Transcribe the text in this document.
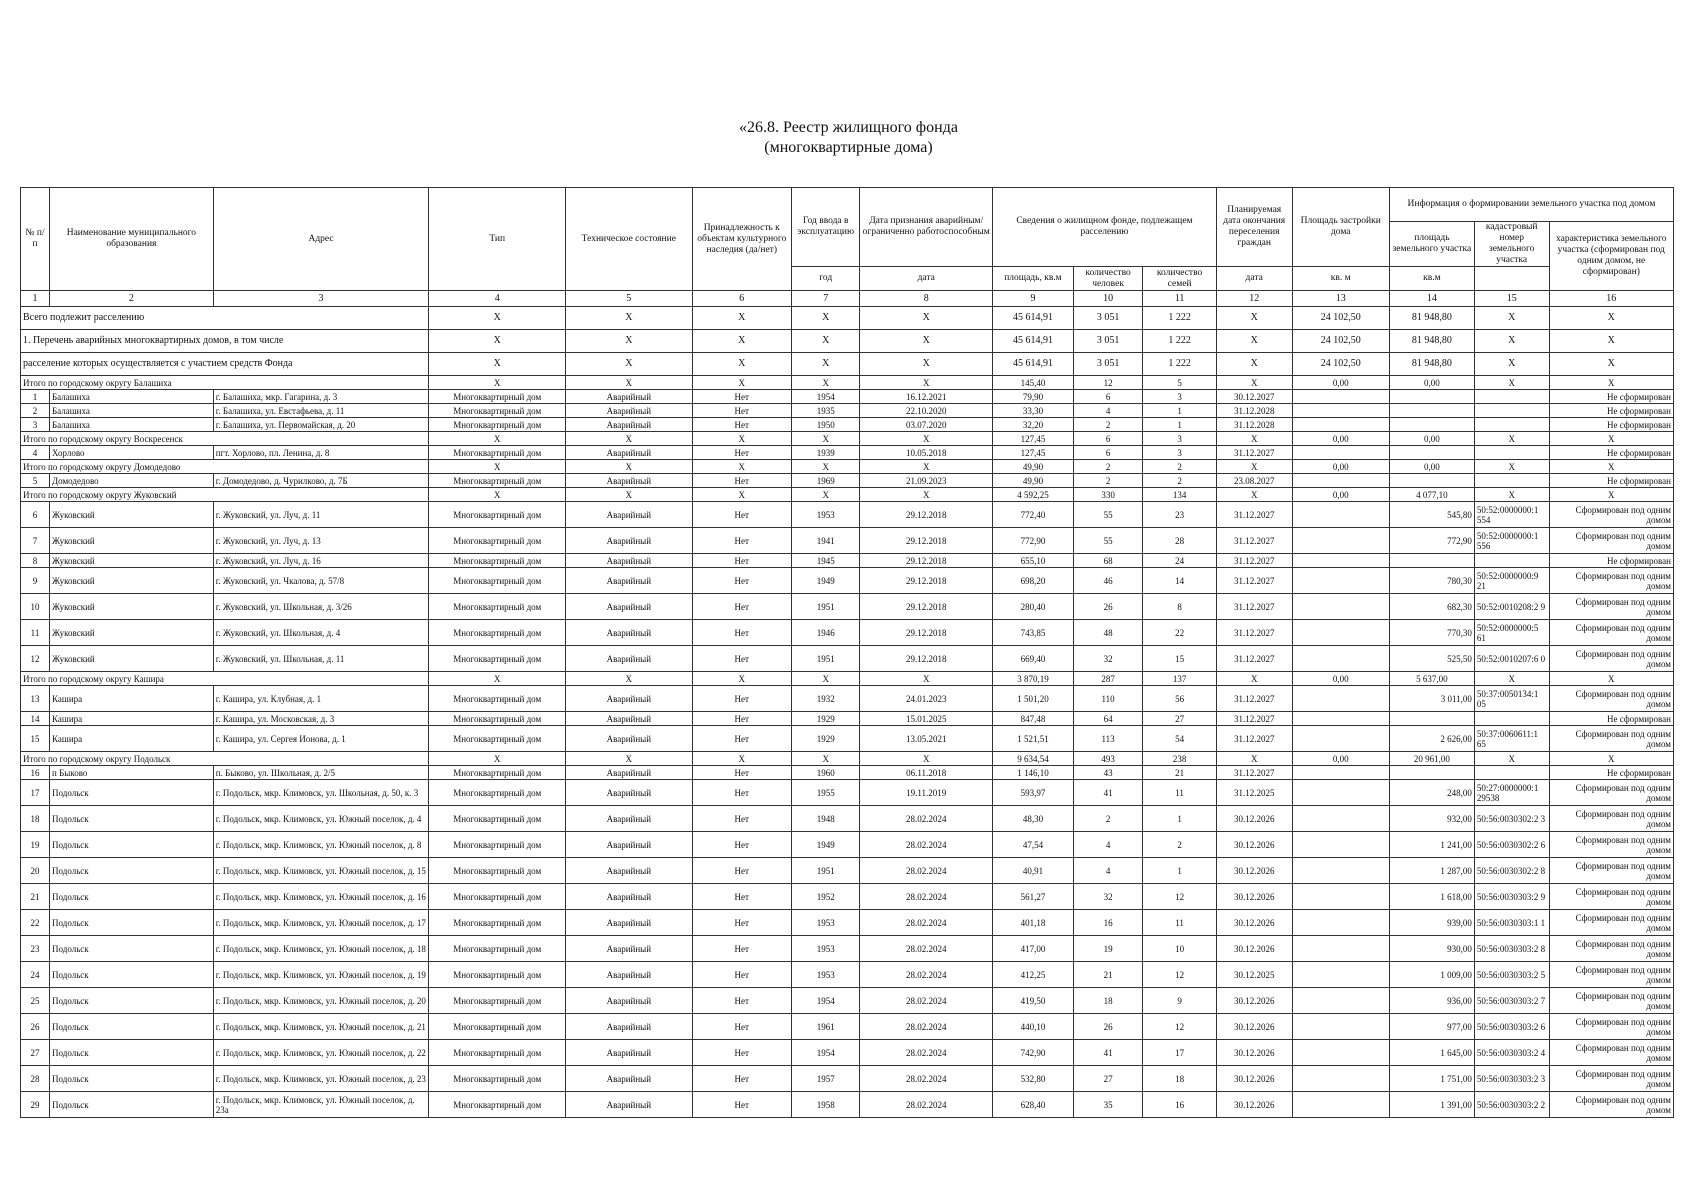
«26.8. Реестр жилищного фонда
(многоквартирные дома)
№ п/п	Наименование муниципального образования	Адрес	Тип	Техническое состояние	Принадлежность к объектам культурного наследия (да/нет)	Год ввода в эксплуатацию	Дата признания аварийным/ограниченно работоспособным	Сведения о жилищном фонде, подлежащем расселению			Планируемая дата окончания переселения граждан	Площадь застройки дома	Информация о формировании земельного участка под домом		
													площадь земельного участка	кадастровый номер земельного участка	характеристика земельного участка (сформирован под одним домом, не сформирован)
						год	дата	площадь, кв.м	количество человек	количество семей	дата	кв. м	кв.м		
1	2	3	4	5	6	7	8	9	10	11	12	13	14	15	16
Всего подлежит расселению			X	X	X	X	X	45 614,91	3 051	1 222	X	24 102,50	81 948,80	X	X
1. Перечень аварийных многоквартирных домов, в том числе			X	X	X	X	X	45 614,91	3 051	1 222	X	24 102,50	81 948,80	X	X
расселение которых осуществляется с участием средств Фонда			X	X	X	X	X	45 614,91	3 051	1 222	X	24 102,50	81 948,80	X	X
Итого по городскому округу Балашиха			X	X	X	X	X	145,40	12	5	X	0,00	0,00	X	X
1	Балашиха	г. Балашиха, мкр. Гагарина, д. 3	Многоквартирный дом	Аварийный	Нет	1954	16.12.2021	79,90	6	3	30.12.2027				Не сформирован
2	Балашиха	г. Балашиха, ул. Евстафьева, д. 11	Многоквартирный дом	Аварийный	Нет	1935	22.10.2020	33,30	4	1	31.12.2028				Не сформирован
3	Балашиха	г. Балашиха, ул. Первомайская, д. 20	Многоквартирный дом	Аварийный	Нет	1950	03.07.2020	32,20	2	1	31.12.2028				Не сформирован
Итого по городскому округу Воскресенск			X	X	X	X	X	127,45	6	3	X	0,00	0,00	X	X
4	Хорлово	пгт. Хорлово, пл. Ленина, д. 8	Многоквартирный дом	Аварийный	Нет	1939	10.05.2018	127,45	6	3	31.12.2027				Не сформирован
Итого по городскому округу Домодедово			X	X	X	X	X	49,90	2	2	X	0,00	0,00	X	X
5	Домодедово	г. Домодедово, д. Чурилково, д. 7Б	Многоквартирный дом	Аварийный	Нет	1969	21.09.2023	49,90	2	2	23.08.2027				Не сформирован
Итого по городскому округу Жуковский			X	X	X	X	X	4 592,25	330	134	X	0,00	4 077,10	X	X
6	Жуковский	г. Жуковский, ул. Луч, д. 11	Многоквартирный дом	Аварийный	Нет	1953	29.12.2018	772,40	55	23	31.12.2027		545,80	50:52:0000000:1 554	Сформирован под одним домом
7	Жуковский	г. Жуковский, ул. Луч, д. 13	Многоквартирный дом	Аварийный	Нет	1941	29.12.2018	772,90	55	28	31.12.2027		772,90	50:52:0000000:1 556	Сформирован под одним домом
8	Жуковский	г. Жуковский, ул. Луч, д. 16	Многоквартирный дом	Аварийный	Нет	1945	29.12.2018	655,10	68	24	31.12.2027				Не сформирован
9	Жуковский	г. Жуковский, ул. Чкалова, д. 57/8	Многоквартирный дом	Аварийный	Нет	1949	29.12.2018	698,20	46	14	31.12.2027		780,30	50:52:0000000:9 21	Сформирован под одним домом
10	Жуковский	г. Жуковский, ул. Школьная, д. 3/26	Многоквартирный дом	Аварийный	Нет	1951	29.12.2018	280,40	26	8	31.12.2027		682,30	50:52:0010208:2 9	Сформирован под одним домом
11	Жуковский	г. Жуковский, ул. Школьная, д. 4	Многоквартирный дом	Аварийный	Нет	1946	29.12.2018	743,85	48	22	31.12.2027		770,30	50:52:0000000:5 61	Сформирован под одним домом
12	Жуковский	г. Жуковский, ул. Школьная, д. 11	Многоквартирный дом	Аварийный	Нет	1951	29.12.2018	669,40	32	15	31.12.2027		525,50	50:52:0010207:6 0	Сформирован под одним домом
Итого по городскому округу Кашира			X	X	X	X	X	3 870,19	287	137	X	0,00	5 637,00	X	X
13	Кашира	г. Кашира, ул. Клубная, д. 1	Многоквартирный дом	Аварийный	Нет	1932	24.01.2023	1 501,20	110	56	31.12.2027		3 011,00	50:37:0050134:1 05	Сформирован под одним домом
14	Кашира	г. Кашира, ул. Московская, д. 3	Многоквартирный дом	Аварийный	Нет	1929	15.01.2025	847,48	64	27	31.12.2027				Не сформирован
15	Кашира	г. Кашира, ул. Сергея Ионова, д. 1	Многоквартирный дом	Аварийный	Нет	1929	13.05.2021	1 521,51	113	54	31.12.2027		2 626,00	50:37:0060611:1 65	Сформирован под одним домом
Итого по городскому округу Подольск			X	X	X	X	X	9 634,54	493	238	X	0,00	20 961,00	X	X
16	п Быково	п. Быково, ул. Школьная, д. 2/5	Многоквартирный дом	Аварийный	Нет	1960	06.11.2018	1 146,10	43	21	31.12.2027				Не сформирован
17	Подольск	г. Подольск, мкр. Климовск, ул. Школьная, д. 50, к. 3	Многоквартирный дом	Аварийный	Нет	1955	19.11.2019	593,97	41	11	31.12.2025		248,00	50:27:0000000:1 29538	Сформирован под одним домом
18	Подольск	г. Подольск, мкр. Климовск, ул. Южный поселок, д. 4	Многоквартирный дом	Аварийный	Нет	1948	28.02.2024	48,30	2	1	30.12.2026		932,00	50:56:0030302:2 3	Сформирован под одним домом
19	Подольск	г. Подольск, мкр. Климовск, ул. Южный поселок, д. 8	Многоквартирный дом	Аварийный	Нет	1949	28.02.2024	47,54	4	2	30.12.2026		1 241,00	50:56:0030302:2 6	Сформирован под одним домом
20	Подольск	г. Подольск, мкр. Климовск, ул. Южный поселок, д. 15	Многоквартирный дом	Аварийный	Нет	1951	28.02.2024	40,91	4	1	30.12.2026		1 287,00	50:56:0030302:2 8	Сформирован под одним домом
21	Подольск	г. Подольск, мкр. Климовск, ул. Южный поселок, д. 16	Многоквартирный дом	Аварийный	Нет	1952	28.02.2024	561,27	32	12	30.12.2026		1 618,00	50:56:0030303:2 9	Сформирован под одним домом
22	Подольск	г. Подольск, мкр. Климовск, ул. Южный поселок, д. 17	Многоквартирный дом	Аварийный	Нет	1953	28.02.2024	401,18	16	11	30.12.2026		939,00	50:56:0030303:1 1	Сформирован под одним домом
23	Подольск	г. Подольск, мкр. Климовск, ул. Южный поселок, д. 18	Многоквартирный дом	Аварийный	Нет	1953	28.02.2024	417,00	19	10	30.12.2026		930,00	50:56:0030303:2 8	Сформирован под одним домом
24	Подольск	г. Подольск, мкр. Климовск, ул. Южный поселок, д. 19	Многоквартирный дом	Аварийный	Нет	1953	28.02.2024	412,25	21	12	30.12.2025		1 009,00	50:56:0030303:2 5	Сформирован под одним домом
25	Подольск	г. Подольск, мкр. Климовск, ул. Южный поселок, д. 20	Многоквартирный дом	Аварийный	Нет	1954	28.02.2024	419,50	18	9	30.12.2026		936,00	50:56:0030303:2 7	Сформирован под одним домом
26	Подольск	г. Подольск, мкр. Климовск, ул. Южный поселок, д. 21	Многоквартирный дом	Аварийный	Нет	1961	28.02.2024	440,10	26	12	30.12.2026		977,00	50:56:0030303:2 6	Сформирован под одним домом
27	Подольск	г. Подольск, мкр. Климовск, ул. Южный поселок, д. 22	Многоквартирный дом	Аварийный	Нет	1954	28.02.2024	742,90	41	17	30.12.2026		1 645,00	50:56:0030303:2 4	Сформирован под одним домом
28	Подольск	г. Подольск, мкр. Климовск, ул. Южный поселок, д. 23	Многоквартирный дом	Аварийный	Нет	1957	28.02.2024	532,80	27	18	30.12.2026		1 751,00	50:56:0030303:2 3	Сформирован под одним домом
29	Подольск	г. Подольск, мкр. Климовск, ул. Южный поселок, д. 23а	Многоквартирный дом	Аварийный	Нет	1958	28.02.2024	628,40	35	16	30.12.2026		1 391,00	50:56:0030303:2 2	Сформирован под одним домом
